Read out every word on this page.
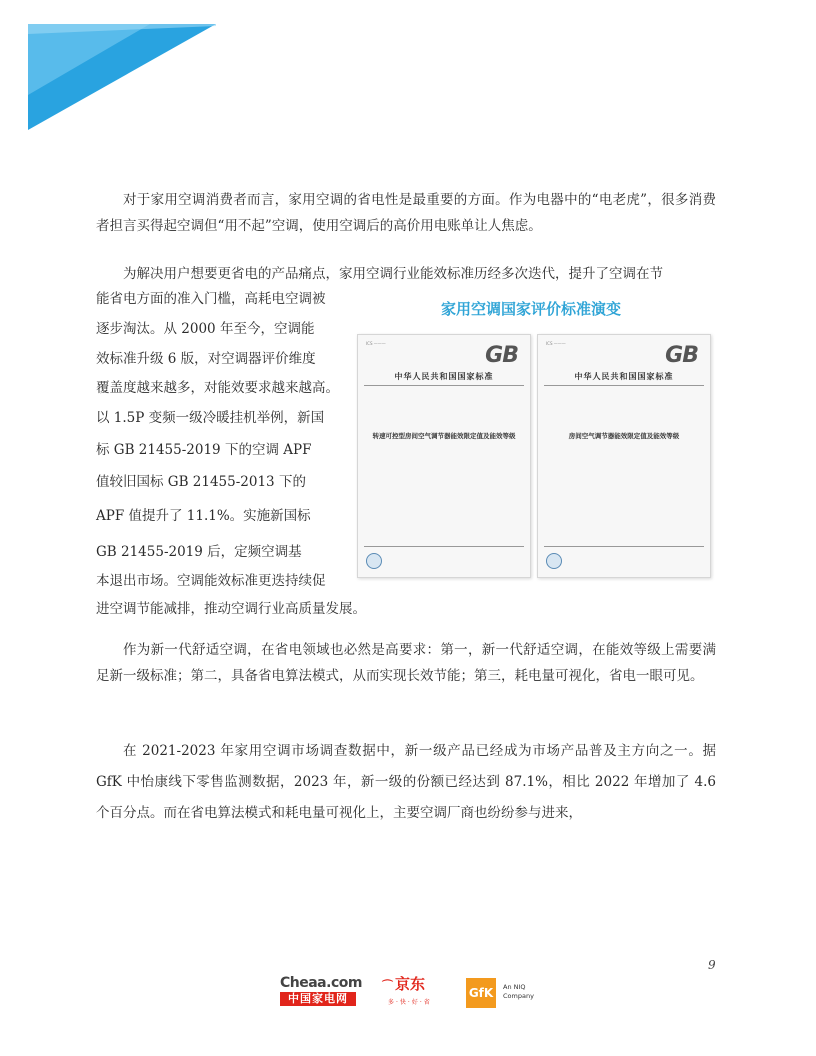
对于家用空调消费者而言，家用空调的省电性是最重要的方面。作为电器中的“电老虎”，很多消费者担言买得起空调但“用不起”空调，使用空调后的高价用电账单让人焦虑。

为解决用户想要更省电的产品痛点，家用空调行业能效标准历经多次迭代，提升了空调在节

能省电方面的准入门槛，高耗电空调被

逐步淘汰。从 2000 年至今，空调能

效标准升级 6 版，对空调器评价维度

覆盖度越来越多，对能效要求越来越高。

以 1.5P 变频一级冷暖挂机举例，新国

标 GB 21455-2019 下的空调 APF

值较旧国标 GB 21455-2013 下的

APF 值提升了 11.1%。实施新国标

GB 21455-2019 后，定频空调基

本退出市场。空调能效标准更迭持续促

进空调节能减排，推动空调行业高质量发展。

家用空调国家评价标准演变
ICS ———	GB
中华人民共和国国家标准
转速可控型房间空气调节器能效限定值及能效等级
ICS ———	GB
中华人民共和国国家标准
房间空气调节器能效限定值及能效等级

作为新一代舒适空调，在省电领域也必然是高要求：第一，新一代舒适空调，在能效等级上需要满足新一级标准；第二，具备省电算法模式，从而实现长效节能；第三，耗电量可视化，省电一眼可见。

在 2021-2023 年家用空调市场调查数据中，新一级产品已经成为市场产品普及主方向之一。据 GfK 中怡康线下零售监测数据，2023 年，新一级的份额已经达到 87.1%，相比 2022 年增加了 4.6 个百分点。而在省电算法模式和耗电量可视化上，主要空调厂商也纷纷参与进来，

9
Cheaa.com
中国家电网
⌒ 京东
多·快·好·省
GfK	An NIQ
Company
